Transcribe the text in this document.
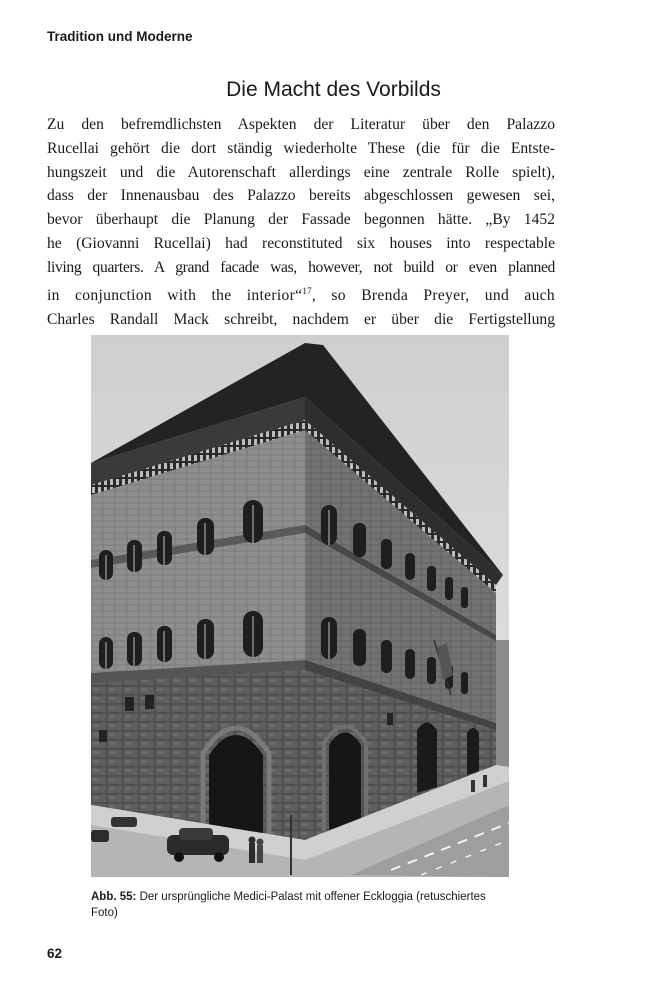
Tradition und Moderne
Die Macht des Vorbilds
Zu den befremdlichsten Aspekten der Literatur über den Palazzo
Rucellai gehört die dort ständig wiederholte These (die für die Entste-
hungszeit und die Autorenschaft allerdings eine zentrale Rolle spielt),
dass der Innenausbau des Palazzo bereits abgeschlossen gewesen sei,
bevor überhaupt die Planung der Fassade begonnen hätte. „By 1452
he (Giovanni Rucellai) had reconstituted six houses into respectable
living quarters. A grand facade was, however, not build or even planned
in conjunction with the interior“$^{17}$, so Brenda Preyer, und auch
Charles Randall Mack schreibt, nachdem er über die Fertigstellung
Abb. 55: Der ursprüngliche Medici-Palast mit offener Eckloggia (retuschiertes Foto)
62
